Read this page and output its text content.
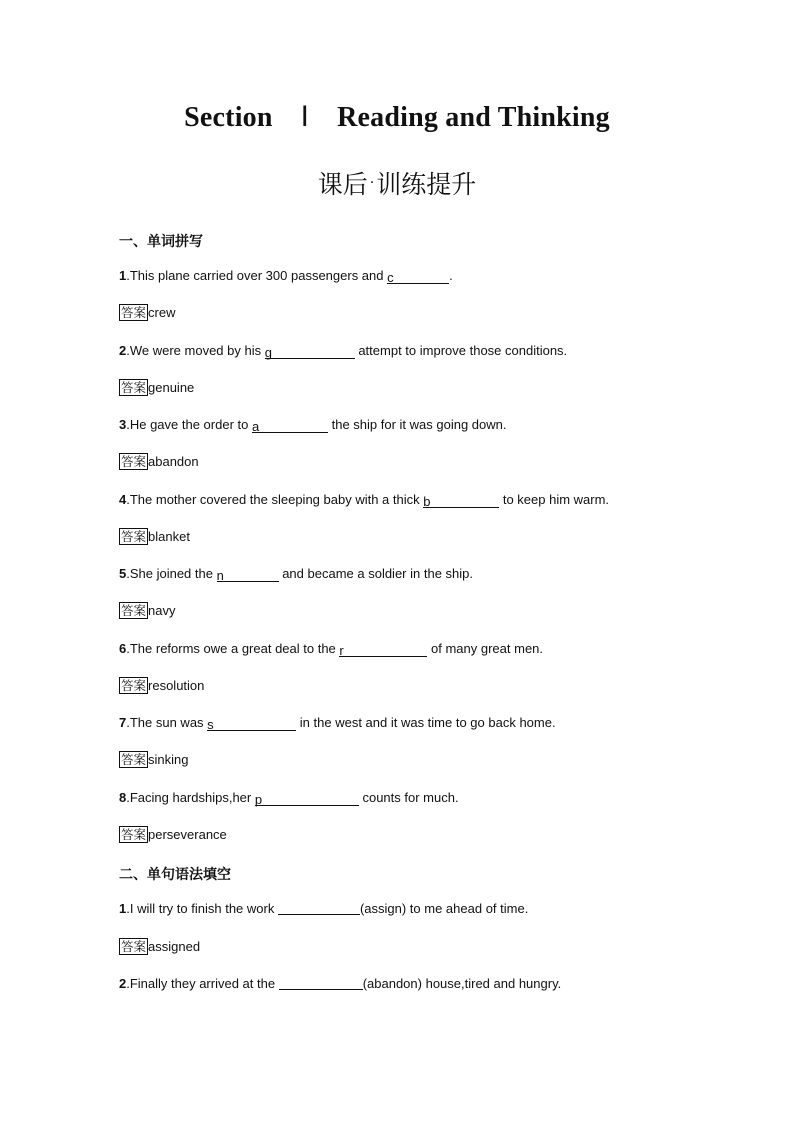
Section Ⅰ Reading and Thinking
课后 ·训练提升
一、单词拼写
1.This plane carried over 300 passengers and c	.
答案 crew
2.We were moved by his g	attempt to improve those conditions.
答案 genuine
3.He gave the order to a	the ship for it was going down.
答案 abandon
4.The mother covered the sleeping baby with a thick b	to keep him warm.
答案 blanket
5.She joined the n	and became a soldier in the ship.
答案 navy
6.The reforms owe a great deal to the r	of many great men.
答案 resolution
7.The sun was s	in the west and it was time to go back home.
答案 sinking
8.Facing hardships,her p	counts for much.
答案 perseverance
二、单句语法填空
1.I will try to finish the work	(assign) to me ahead of time.
答案 assigned
2.Finally they arrived at the	(abandon) house,tired and hungry.
